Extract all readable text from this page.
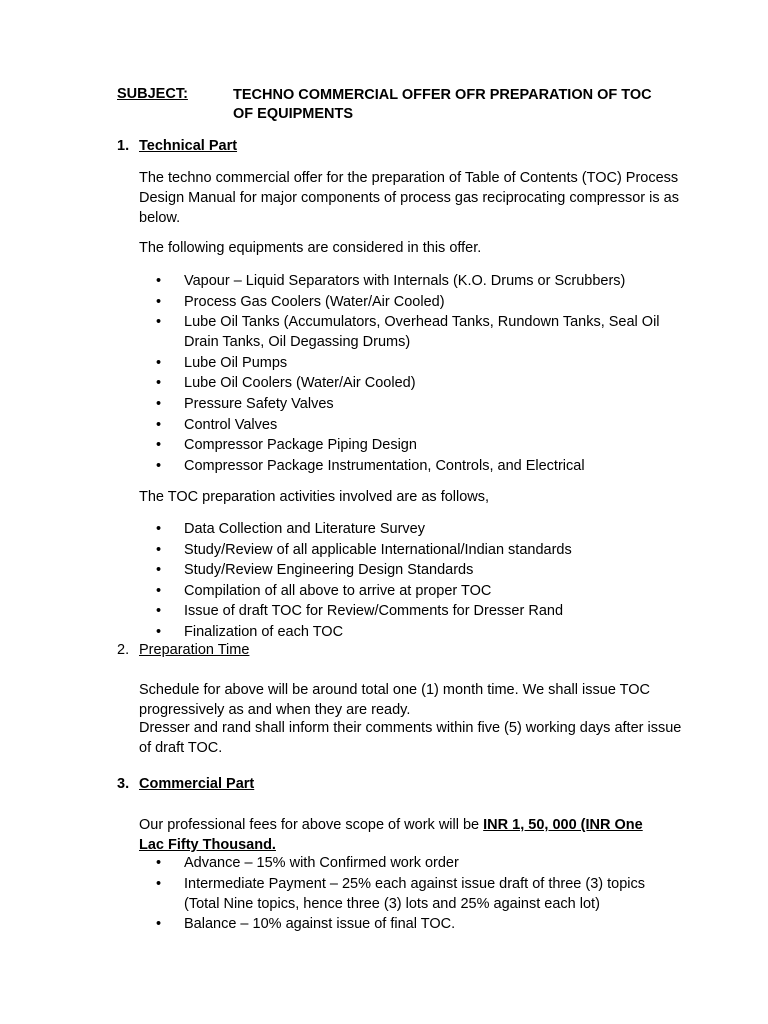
SUBJECT:	TECHNO COMMERCIAL OFFER OFR PREPARATION OF TOC OF EQUIPMENTS
1. Technical Part
The techno commercial offer for the preparation of Table of Contents (TOC) Process Design Manual for major components of process gas reciprocating compressor is as below.
The following equipments are considered in this offer.
• Vapour – Liquid Separators with Internals (K.O. Drums or Scrubbers)
• Process Gas Coolers (Water/Air Cooled)
• Lube Oil Tanks (Accumulators, Overhead Tanks, Rundown Tanks, Seal Oil Drain Tanks, Oil Degassing Drums)
• Lube Oil Pumps
• Lube Oil Coolers (Water/Air Cooled)
• Pressure Safety Valves
• Control Valves
• Compressor Package Piping Design
• Compressor Package Instrumentation, Controls, and Electrical
The TOC preparation activities involved are as follows,
• Data Collection and Literature Survey
• Study/Review of all applicable International/Indian standards
• Study/Review Engineering Design Standards
• Compilation of all above to arrive at proper TOC
• Issue of draft TOC for Review/Comments for Dresser Rand
• Finalization of each TOC
2. Preparation Time
Schedule for above will be around total one (1) month time. We shall issue TOC progressively as and when they are ready.
Dresser and rand shall inform their comments within five (5) working days after issue of draft TOC.
3. Commercial Part
Our professional fees for above scope of work will be INR 1, 50, 000 (INR One Lac Fifty Thousand.
• Advance – 15% with Confirmed work order
• Intermediate Payment – 25% each against issue draft of three (3) topics (Total Nine topics, hence three (3) lots and 25% against each lot)
• Balance – 10% against issue of final TOC.
